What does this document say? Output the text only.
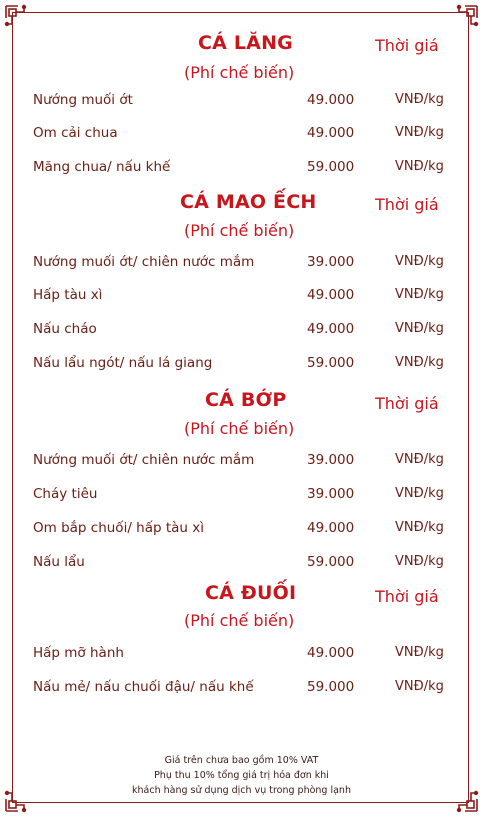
CÁ LĂNG	Thời giá
(Phí chế biến)
Nướng muối ớt	49.000	VNĐ/kg
Om cải chua	49.000	VNĐ/kg
Măng chua/ nấu khế	59.000	VNĐ/kg
CÁ MAO ẾCH	Thời giá
(Phí chế biến)
Nướng muối ớt/ chiên nước mắm	39.000	VNĐ/kg
Hấp tàu xì	49.000	VNĐ/kg
Nấu cháo	49.000	VNĐ/kg
Nấu lẩu ngót/ nấu lá giang	59.000	VNĐ/kg
CÁ BỚP	Thời giá
(Phí chế biến)
Nướng muối ớt/ chiên nước mắm	39.000	VNĐ/kg
Cháy tiêu	39.000	VNĐ/kg
Om bắp chuối/ hấp tàu xì	49.000	VNĐ/kg
Nấu lẩu	59.000	VNĐ/kg
CÁ ĐUỐI	Thời giá
(Phí chế biến)
Hấp mỡ hành	49.000	VNĐ/kg
Nấu mẻ/ nấu chuối đậu/ nấu khế	59.000	VNĐ/kg
Giá trên chưa bao gồm 10% VAT
Phụ thu 10% tổng giá trị hóa đơn khi
khách hàng sử dụng dịch vụ trong phòng lạnh
